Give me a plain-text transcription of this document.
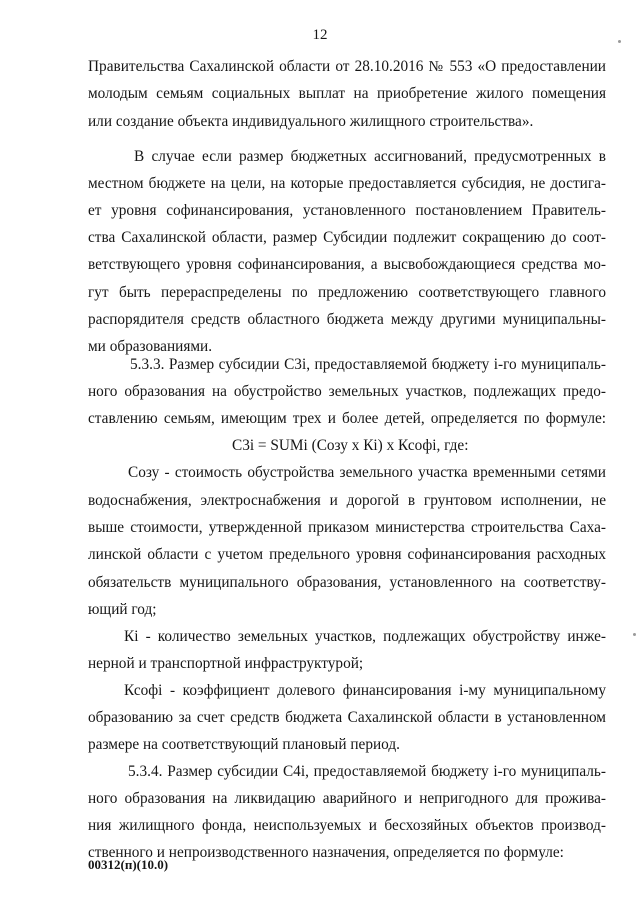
12
Правительства Сахалинской области от 28.10.2016 № 553 «О предоставлении
молодым семьям социальных выплат на приобретение жилого помещения
или создание объекта индивидуального жилищного строительства».
В случае если размер бюджетных ассигнований, предусмотренных в
местном бюджете на цели, на которые предоставляется субсидия, не достига-
ет уровня софинансирования, установленного постановлением Правитель-
ства Сахалинской области, размер Субсидии подлежит сокращению до соот-
ветствующего уровня софинансирования, а высвобождающиеся средства мо-
гут быть перераспределены по предложению соответствующего главного
распорядителя средств областного бюджета между другими муниципальны-
ми образованиями.
5.3.3. Размер субсидии С3i, предоставляемой бюджету i-го муниципаль-
ного образования на обустройство земельных участков, подлежащих предо-
ставлению семьям, имеющим трех и более детей, определяется по формуле:
С3i = SUMi (Созу х Кi) х Ксофi, где:
Созу - стоимость обустройства земельного участка временными сетями
водоснабжения, электроснабжения и дорогой в грунтовом исполнении, не
выше стоимости, утвержденной приказом министерства строительства Саха-
линской области с учетом предельного уровня софинансирования расходных
обязательств муниципального образования, установленного на соответству-
ющий год;
Кi - количество земельных участков, подлежащих обустройству инже-
нерной и транспортной инфраструктурой;
Ксофi - коэффициент долевого финансирования i-му муниципальному
образованию за счет средств бюджета Сахалинской области в установленном
размере на соответствующий плановый период.
5.3.4. Размер субсидии С4i, предоставляемой бюджету i-го муниципаль-
ного образования на ликвидацию аварийного и непригодного для прожива-
ния жилищного фонда, неиспользуемых и бесхозяйных объектов производ-
ственного и непроизводственного назначения, определяется по формуле:
00312(п)(10.0)
